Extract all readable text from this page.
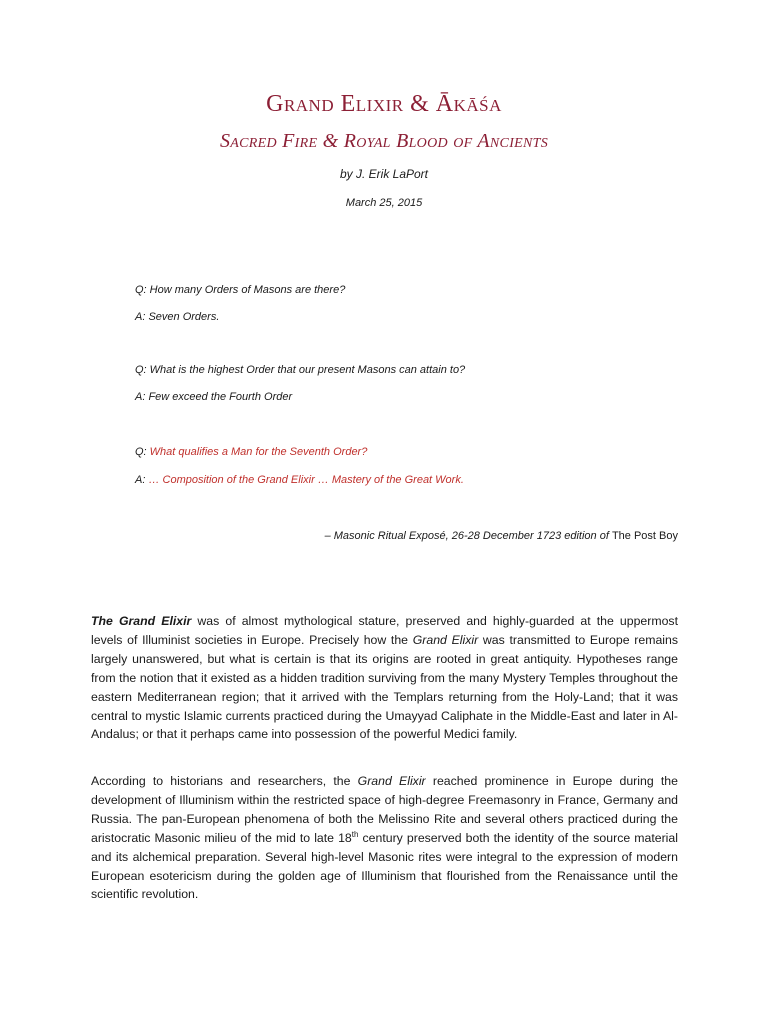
Grand Elixir & Ākāśa
Sacred Fire & Royal Blood of Ancients
by J. Erik LaPort
March 25, 2015
Q: How many Orders of Masons are there?
A: Seven Orders.
Q: What is the highest Order that our present Masons can attain to?
A: Few exceed the Fourth Order
Q: What qualifies a Man for the Seventh Order?
A: … Composition of the Grand Elixir … Mastery of the Great Work.
– Masonic Ritual Exposé, 26-28 December 1723 edition of The Post Boy

The Grand Elixir was of almost mythological stature, preserved and highly-guarded at the uppermost levels of Illuminist societies in Europe. Precisely how the Grand Elixir was transmitted to Europe remains largely unanswered, but what is certain is that its origins are rooted in great antiquity. Hypotheses range from the notion that it existed as a hidden tradition surviving from the many Mystery Temples throughout the eastern Mediterranean region; that it arrived with the Templars returning from the Holy-Land; that it was central to mystic Islamic currents practiced during the Umayyad Caliphate in the Middle-East and later in Al-Andalus; or that it perhaps came into possession of the powerful Medici family.

According to historians and researchers, the Grand Elixir reached prominence in Europe during the development of Illuminism within the restricted space of high-degree Freemasonry in France, Germany and Russia. The pan-European phenomena of both the Melissino Rite and several others practiced during the aristocratic Masonic milieu of the mid to late 18th century preserved both the identity of the source material and its alchemical preparation. Several high-level Masonic rites were integral to the expression of modern European esotericism during the golden age of Illuminism that flourished from the Renaissance until the scientific revolution.
